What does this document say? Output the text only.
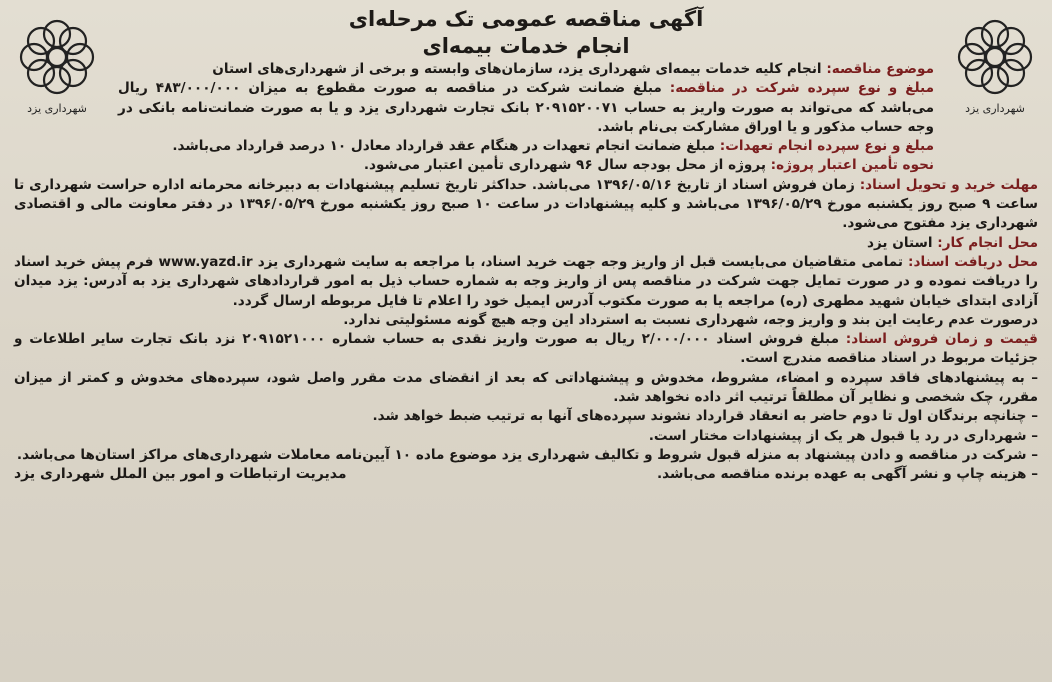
شهرداری یزد
شهرداری یزد
آگهی مناقصه عمومی تک مرحله‌ای
انجام خدمات بیمه‌ای

موضوع مناقصه: انجام کلیه خدمات بیمه‌ای شهرداری یزد، سازمان‌های وابسته و برخی از شهرداری‌های استان

مبلغ و نوع سپرده شرکت در مناقصه: مبلغ ضمانت شرکت در مناقصه به صورت مقطوع به میزان ۴۸۳/۰۰۰/۰۰۰ ریال می‌باشد که می‌تواند به صورت واریز به حساب ۲۰۹۱۵۲۰۰۷۱ بانک تجارت شهرداری یزد و یا به صورت ضمانت‌نامه بانکی در وجه حساب مذکور و یا اوراق مشارکت بی‌نام باشد.

مبلغ و نوع سپرده انجام تعهدات: مبلغ ضمانت انجام تعهدات در هنگام عقد قرارداد معادل ۱۰ درصد قرارداد می‌باشد.

نحوه تأمین اعتبار پروژه: پروژه از محل بودجه سال ۹۶ شهرداری تأمین اعتبار می‌شود.

مهلت خرید و تحویل اسناد: زمان فروش اسناد از تاریخ ۱۳۹۶/۰۵/۱۶ می‌باشد. حداکثر تاریخ تسلیم پیشنهادات به دبیرخانه محرمانه اداره حراست شهرداری تا ساعت ۹ صبح روز یکشنبه مورخ ۱۳۹۶/۰۵/۲۹ می‌باشد و کلیه پیشنهادات در ساعت ۱۰ صبح روز یکشنبه مورخ ۱۳۹۶/۰۵/۲۹ در دفتر معاونت مالی و اقتصادی شهرداری یزد مفتوح می‌شود.

محل انجام کار: استان یزد

محل دریافت اسناد: تمامی متقاضیان می‌بایست قبل از واریز وجه جهت خرید اسناد، با مراجعه به سایت شهرداری یزد www.yazd.ir فرم پیش خرید اسناد را دریافت نموده و در صورت تمایل جهت شرکت در مناقصه پس از واریز وجه به شماره حساب ذیل به امور قراردادهای شهرداری یزد به آدرس: یزد میدان آزادی ابتدای خیابان شهید مطهری (ره) مراجعه یا به صورت مکتوب آدرس ایمیل خود را اعلام تا فایل مربوطه ارسال گردد.

درصورت عدم رعایت این بند و واریز وجه، شهرداری نسبت به استرداد این وجه هیچ گونه مسئولیتی ندارد.

قیمت و زمان فروش اسناد: مبلغ فروش اسناد ۲/۰۰۰/۰۰۰ ریال به صورت واریز نقدی به حساب شماره ۲۰۹۱۵۲۱۰۰۰ نزد بانک تجارت سایر اطلاعات و جزئیات مربوط در اسناد مناقصه مندرج است.

– به پیشنهادهای فاقد سپرده و امضاء، مشروط، مخدوش و پیشنهاداتی که بعد از انقضای مدت مقرر واصل شود، سپرده‌های مخدوش و کمتر از میزان مقرر، چک شخصی و نظایر آن مطلقاً ترتیب اثر داده نخواهد شد.

– چنانچه برندگان اول تا دوم حاضر به انعقاد قرارداد نشوند سپرده‌های آنها به ترتیب ضبط خواهد شد.

– شهرداری در رد یا قبول هر یک از پیشنهادات مختار است.

– شرکت در مناقصه و دادن پیشنهاد به منزله قبول شروط و تکالیف شهرداری یزد موضوع ماده ۱۰ آیین‌نامه معاملات شهرداری‌های مراکز استان‌ها می‌باشد.

– هزینه چاپ و نشر آگهی به عهده برنده مناقصه می‌باشد.

مدیریت ارتباطات و امور بین الملل شهرداری یزد
